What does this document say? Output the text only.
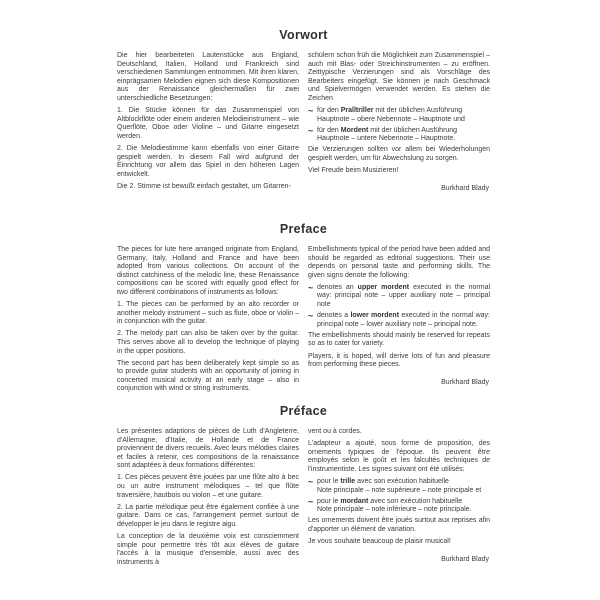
Vorwort

Die hier bearbeiteten Lautenstücke aus England, Deutschland, Italien, Holland und Frankreich sind verschiedenen Sammlungen entnommen. Mit ihren klaren, einprägsamen Melodien eignen sich diese Kompositionen aus der Renaissance gleichermaßen für zwei unterschiedliche Besetzungen:

1. Die Stücke können für das Zusammenspiel von Altblockflöte oder einem anderen Melodieinstrument – wie Querflöte, Oboe oder Violine – und Gitarre eingesetzt werden.

2. Die Melodiestimme kann ebenfalls von einer Gitarre gespielt werden. In diesem Fall wird aufgrund der Einrichtung vor allem das Spiel in den höheren Lagen entwickelt.

Die 2. Stimme ist bewußt einfach gestaltet, um Gitarren-

schülern schon früh die Möglichkeit zum Zusammenspiel – auch mit Blas- oder Streichinstrumenten – zu eröffnen. Zeittypische Verzierungen sind als Vorschläge des Bearbeiters eingefügt. Sie können je nach Geschmack und Spielvermögen verwendet werden. Es stehen die Zeichen

~ für den Pralltriller mit der üblichen Ausführung
Hauptnote – obere Nebennote – Hauptnote und
~ für den Mordent mit der üblichen Ausführung
Hauptnote – untere Nebennote – Hauptnote.

Die Verzierungen sollten vor allem bei Wiederholungen gespielt werden, um für Abwechslung zu sorgen.

Viel Freude beim Musizieren!

Burkhard Blady
Preface

The pieces for lute here arranged originate from England, Germany, Italy, Holland and France and have been adopted from various collections. On account of the distinct catchiness of the melodic line, these Renaissance compositions can be scored with equally good effect for two different combinations of instruments as follows:

1. The pieces can be performed by an alto recorder or another melody instrument – such as flute, oboe or violin – in conjunction with the guitar.

2. The melody part can also be taken over by the guitar. This serves above all to develop the technique of playing in the upper positions.

The second part has been deliberately kept simple so as to provide guitar students with an opportunity of joining in concerted musical activity at an early stage – also in conjunction with wind or string instruments.

Embellishments typical of the period have been added and should be regarded as editorial suggestions. Their use depends on personal taste and performing skills. The given signs denote the following:

~ denotes an upper mordent executed in the normal way: principal note – upper auxiliary note – principal note
~ denotes a lower mordent executed in the normal way: principal note – lower auxiliary note – principal note.

The embellishments should mainly be reserved for repeats so as to cater for variety.

Players, it is hoped, will derive lots of fun and pleasure from performing these pieces.

Burkhard Blady
Préface

Les présentes adaptions de pièces de Luth d'Angleterre, d'Allemagne, d'Italie, de Hollande et de France proviennent de divers recueils. Avec leurs mélodies claires et faciles à retenir, ces compositions de la renaissance sont adaptées à deux formations différentes:

1. Ces pièces peuvent être jouées par une flûte alto à bec ou un autre instrument mélodiques – tel que flûte traversière, hautbois ou violon – et une guitare.

2. La partie mélodique peut être également confiée à une guitare. Dans ce cas, l'arrangement permet surtout de développer le jeu dans le registre aigu.

La conception de la deuxième voix est consciemment simple pour permettre très tôt aux élèves de guitare l'accès à la musique d'ensemble, aussi avec des instruments à

vent ou à cordes.

L'adapteur a ajouté, sous forme de proposition, des ornements typiques de l'époque. Ils peuvent être employés selon le goût et les falcultés techniques de l'instrumentiste. Les signes suivant ont été utilisés:

~ pour le trille avec son exécution habituelle
Note principale – note supérieure – note principale et
~ pour le mordant avec son exécution habituelle
Note principale – note inférieure – note principale.

Les ornements doivent être joués surtout aux reprises afin d'apporter un élément de variation.

Je vous souhaite beaucoup de plaisir musical!

Burkhard Blady
